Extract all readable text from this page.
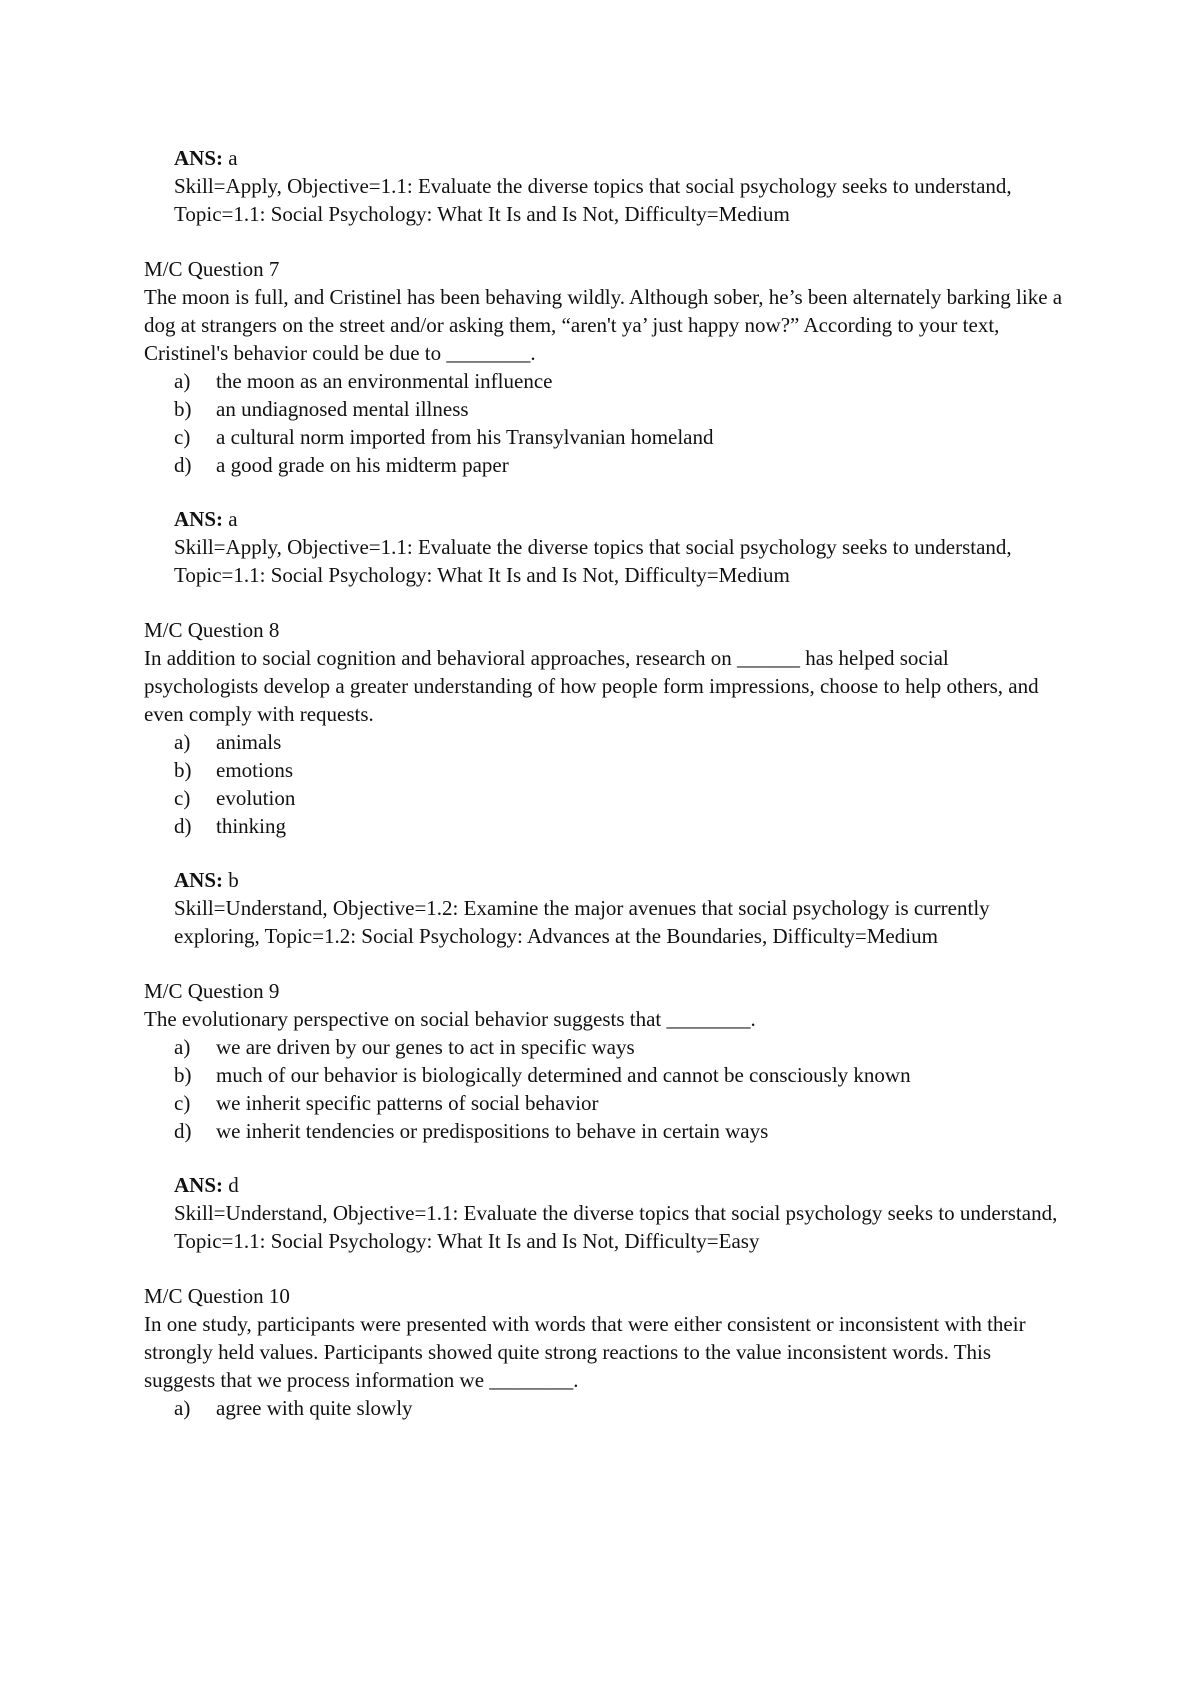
ANS: a
Skill=Apply, Objective=1.1: Evaluate the diverse topics that social psychology seeks to understand, Topic=1.1: Social Psychology: What It Is and Is Not, Difficulty=Medium
M/C Question 7
The moon is full, and Cristinel has been behaving wildly. Although sober, he’s been alternately barking like a dog at strangers on the street and/or asking them, “aren't ya’ just happy now?” According to your text, Cristinel's behavior could be due to ________.
a) the moon as an environmental influence
b) an undiagnosed mental illness
c) a cultural norm imported from his Transylvanian homeland
d) a good grade on his midterm paper
ANS: a
Skill=Apply, Objective=1.1: Evaluate the diverse topics that social psychology seeks to understand, Topic=1.1: Social Psychology: What It Is and Is Not, Difficulty=Medium
M/C Question 8
In addition to social cognition and behavioral approaches, research on ______ has helped social psychologists develop a greater understanding of how people form impressions, choose to help others, and even comply with requests.
a) animals
b) emotions
c) evolution
d) thinking
ANS: b
Skill=Understand, Objective=1.2: Examine the major avenues that social psychology is currently exploring, Topic=1.2: Social Psychology: Advances at the Boundaries, Difficulty=Medium
M/C Question 9
The evolutionary perspective on social behavior suggests that ________.
a) we are driven by our genes to act in specific ways
b) much of our behavior is biologically determined and cannot be consciously known
c) we inherit specific patterns of social behavior
d) we inherit tendencies or predispositions to behave in certain ways
ANS: d
Skill=Understand, Objective=1.1: Evaluate the diverse topics that social psychology seeks to understand, Topic=1.1: Social Psychology: What It Is and Is Not, Difficulty=Easy
M/C Question 10
In one study, participants were presented with words that were either consistent or inconsistent with their strongly held values. Participants showed quite strong reactions to the value inconsistent words. This suggests that we process information we ________.
a) agree with quite slowly
